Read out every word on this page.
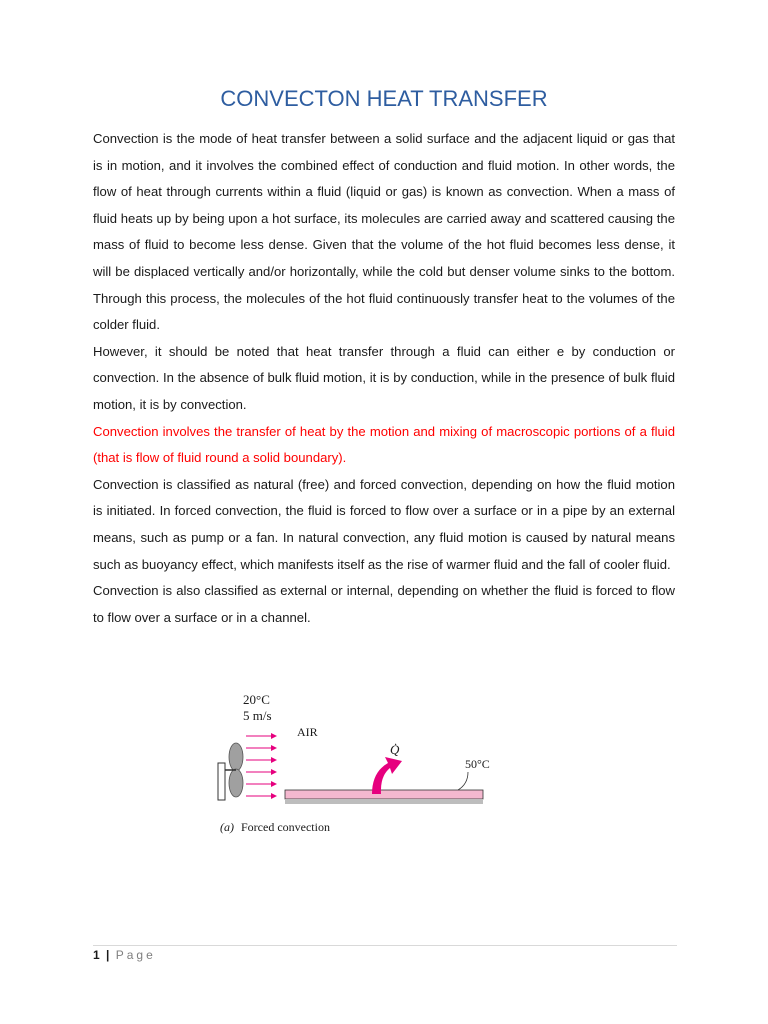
CONVECTON HEAT TRANSFER

Convection is the mode of heat transfer between a solid surface and the adjacent liquid or gas that is in motion, and it involves the combined effect of conduction and fluid motion. In other words, the flow of heat through currents within a fluid (liquid or gas) is known as convection. When a mass of fluid heats up by being upon a hot surface, its molecules are carried away and scattered causing the mass of fluid to become less dense. Given that the volume of the hot fluid becomes less dense, it will be displaced vertically and/or horizontally, while the cold but denser volume sinks to the bottom. Through this process, the molecules of the hot fluid continuously transfer heat to the volumes of the colder fluid.

However, it should be noted that heat transfer through a fluid can either e by conduction or convection. In the absence of bulk fluid motion, it is by conduction, while in the presence of bulk fluid motion, it is by convection.

Convection involves the transfer of heat by the motion and mixing of macroscopic portions of a fluid (that is flow of fluid round a solid boundary).

Convection is classified as natural (free) and forced convection, depending on how the fluid motion is initiated. In forced convection, the fluid is forced to flow over a surface or in a pipe by an external means, such as pump or a fan. In natural convection, any fluid motion is caused by natural means such as buoyancy effect, which manifests itself as the rise of warmer fluid and the fall of cooler fluid.

Convection is also classified as external or internal, depending on whether the fluid is forced to flow to flow over a surface or in a channel.

20°C
5 m/s
AIR
Q̇
50°C
(a) Forced convection
1 | Page
